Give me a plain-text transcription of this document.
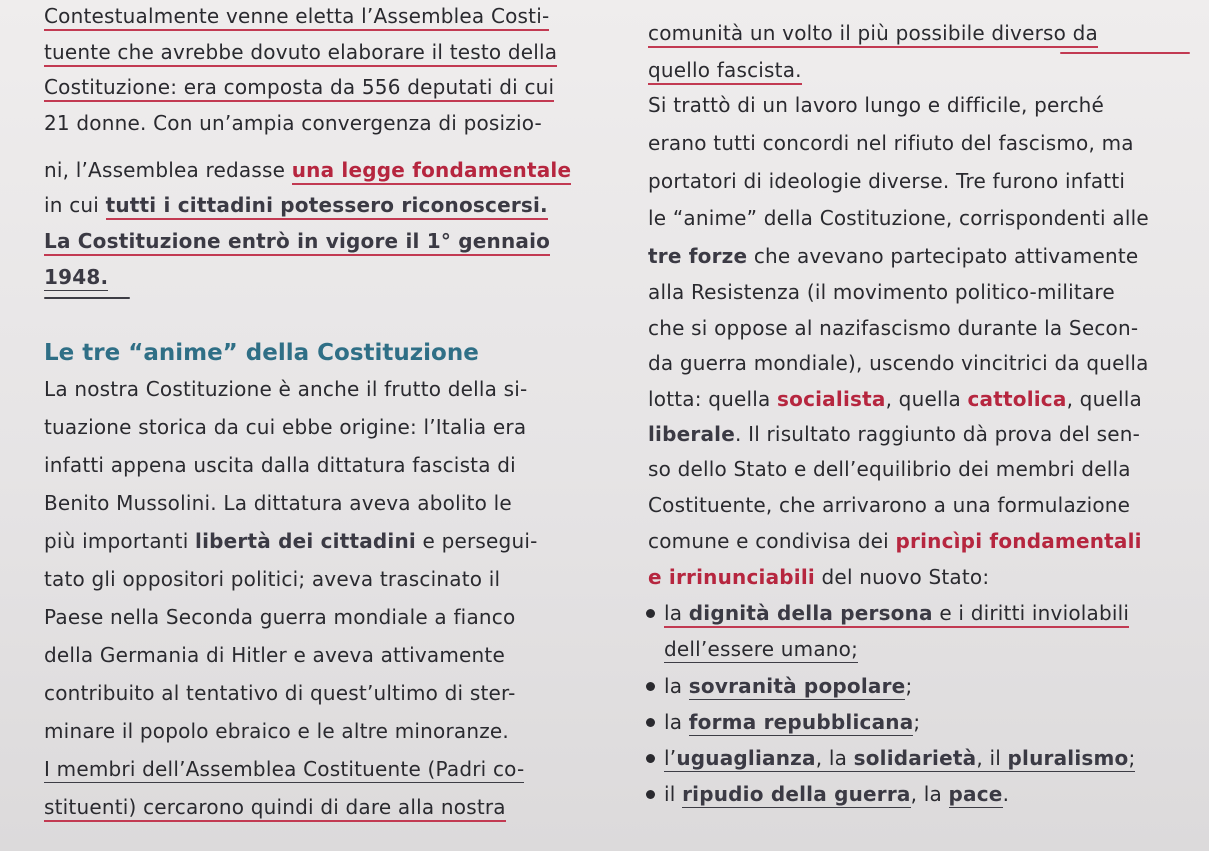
Contestualmente venne eletta l’Assemblea Costi-
tuente che avrebbe dovuto elaborare il testo della
Costituzione: era composta da 556 deputati di cui
21 donne. Con un’ampia convergenza di posizio-
ni, l’Assemblea redasse una legge fondamentale
in cui tutti i cittadini potessero riconoscersi.
La Costituzione entrò in vigore il 1° gennaio
1948.
Le tre “anime” della Costituzione
La nostra Costituzione è anche il frutto della si-
tuazione storica da cui ebbe origine: l’Italia era
infatti appena uscita dalla dittatura fascista di
Benito Mussolini. La dittatura aveva abolito le
più importanti libertà dei cittadini e persegui-
tato gli oppositori politici; aveva trascinato il
Paese nella Seconda guerra mondiale a fianco
della Germania di Hitler e aveva attivamente
contribuito al tentativo di quest’ultimo di ster-
minare il popolo ebraico e le altre minoranze.
I membri dell’Assemblea Costituente (Padri co-
stituenti) cercarono quindi di dare alla nostra
comunità un volto il più possibile diverso da
quello fascista.
Si trattò di un lavoro lungo e difficile, perché
erano tutti concordi nel rifiuto del fascismo, ma
portatori di ideologie diverse. Tre furono infatti
le “anime” della Costituzione, corrispondenti alle
tre forze che avevano partecipato attivamente
alla Resistenza (il movimento politico-militare
che si oppose al nazifascismo durante la Secon-
da guerra mondiale), uscendo vincitrici da quella
lotta: quella socialista, quella cattolica, quella
liberale. Il risultato raggiunto dà prova del sen-
so dello Stato e dell’equilibrio dei membri della
Costituente, che arrivarono a una formulazione
comune e condivisa dei princìpi fondamentali
e irrinunciabili del nuovo Stato:
la dignità della persona e i diritti inviolabili
dell’essere umano;
la sovranità popolare;
la forma repubblicana;
l’uguaglianza, la solidarietà, il pluralismo;
il ripudio della guerra, la pace.
